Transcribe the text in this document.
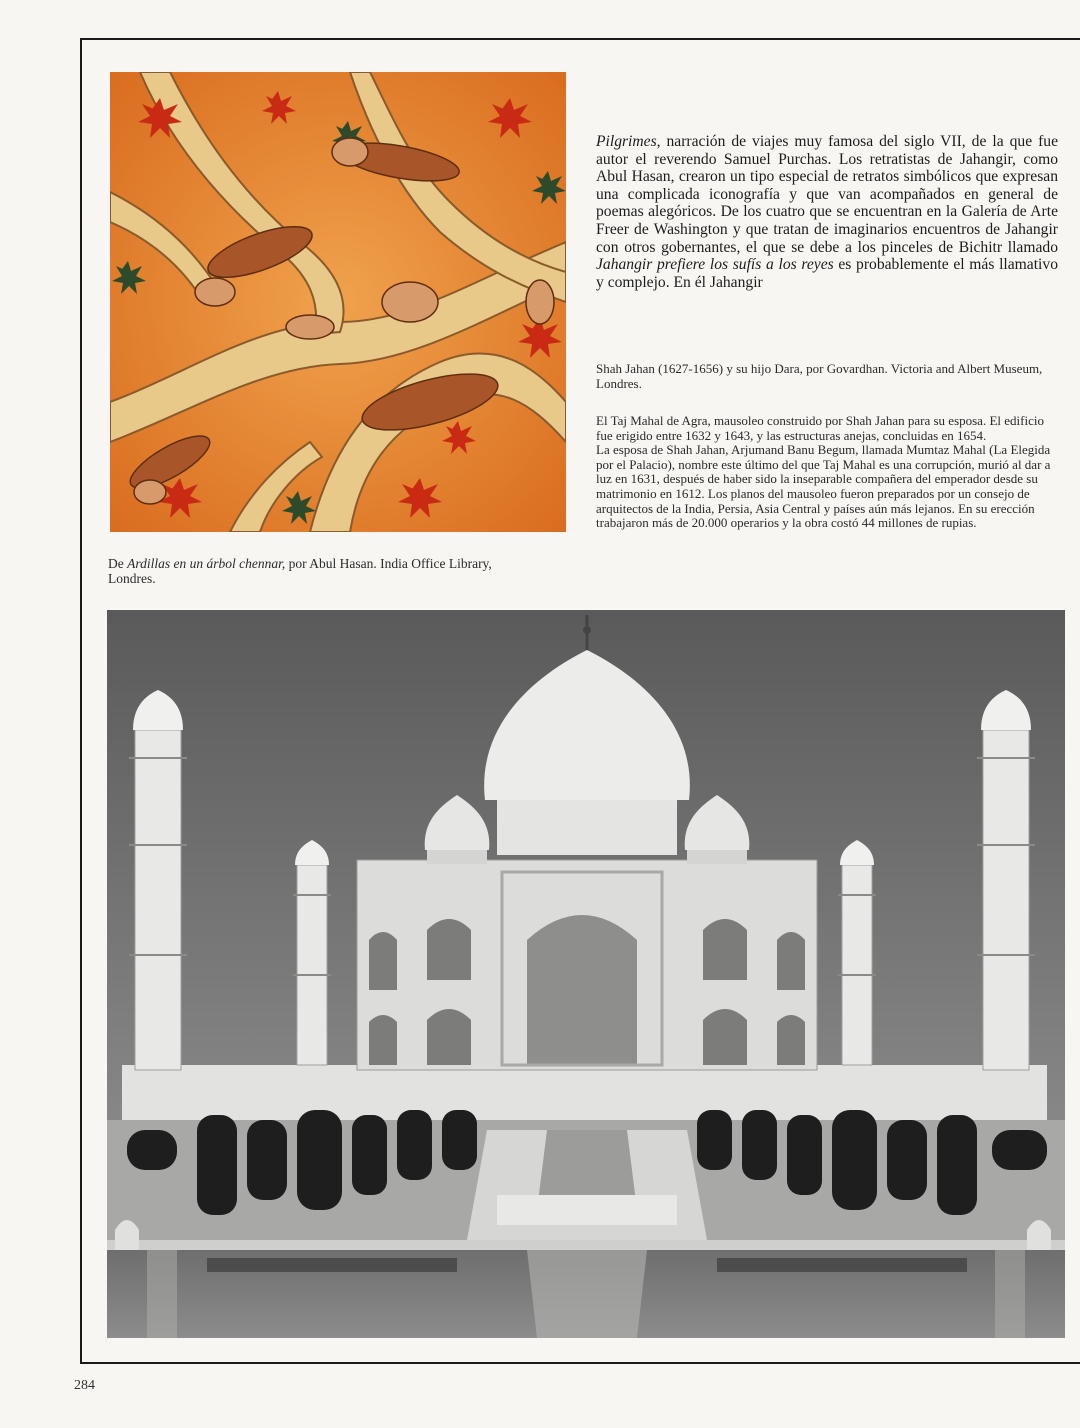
De Ardillas en un árbol chennar, por Abul Hasan. India Office Library, Londres.
Pilgrimes, narración de viajes muy famosa del siglo VII, de la que fue autor el reverendo Samuel Purchas. Los retratistas de Jahangir, como Abul Hasan, crearon un tipo especial de retratos simbólicos que expresan una complicada iconografía y que van acompañados en general de poemas alegóricos. De los cuatro que se encuentran en la Galería de Arte Freer de Washington y que tratan de imaginarios encuentros de Jahangir con otros gobernantes, el que se debe a los pinceles de Bichitr llamado Jahangir prefiere los sufís a los reyes es probablemente el más llamativo y complejo. En él Jahangir
Shah Jahan (1627-1656) y su hijo Dara, por Govardhan. Victoria and Albert Museum, Londres.

El Taj Mahal de Agra, mausoleo construido por Shah Jahan para su esposa. El edificio fue erigido entre 1632 y 1643, y las estructuras anejas, concluidas en 1654.

La esposa de Shah Jahan, Arjumand Banu Begum, llamada Mumtaz Mahal (La Elegida por el Palacio), nombre este último del que Taj Mahal es una corrupción, murió al dar a luz en 1631, después de haber sido la inseparable compañera del emperador desde su matrimonio en 1612. Los planos del mausoleo fueron preparados por un consejo de arquitectos de la India, Persia, Asia Central y países aún más lejanos. En su erección trabajaron más de 20.000 operarios y la obra costó 44 millones de rupias.

284
